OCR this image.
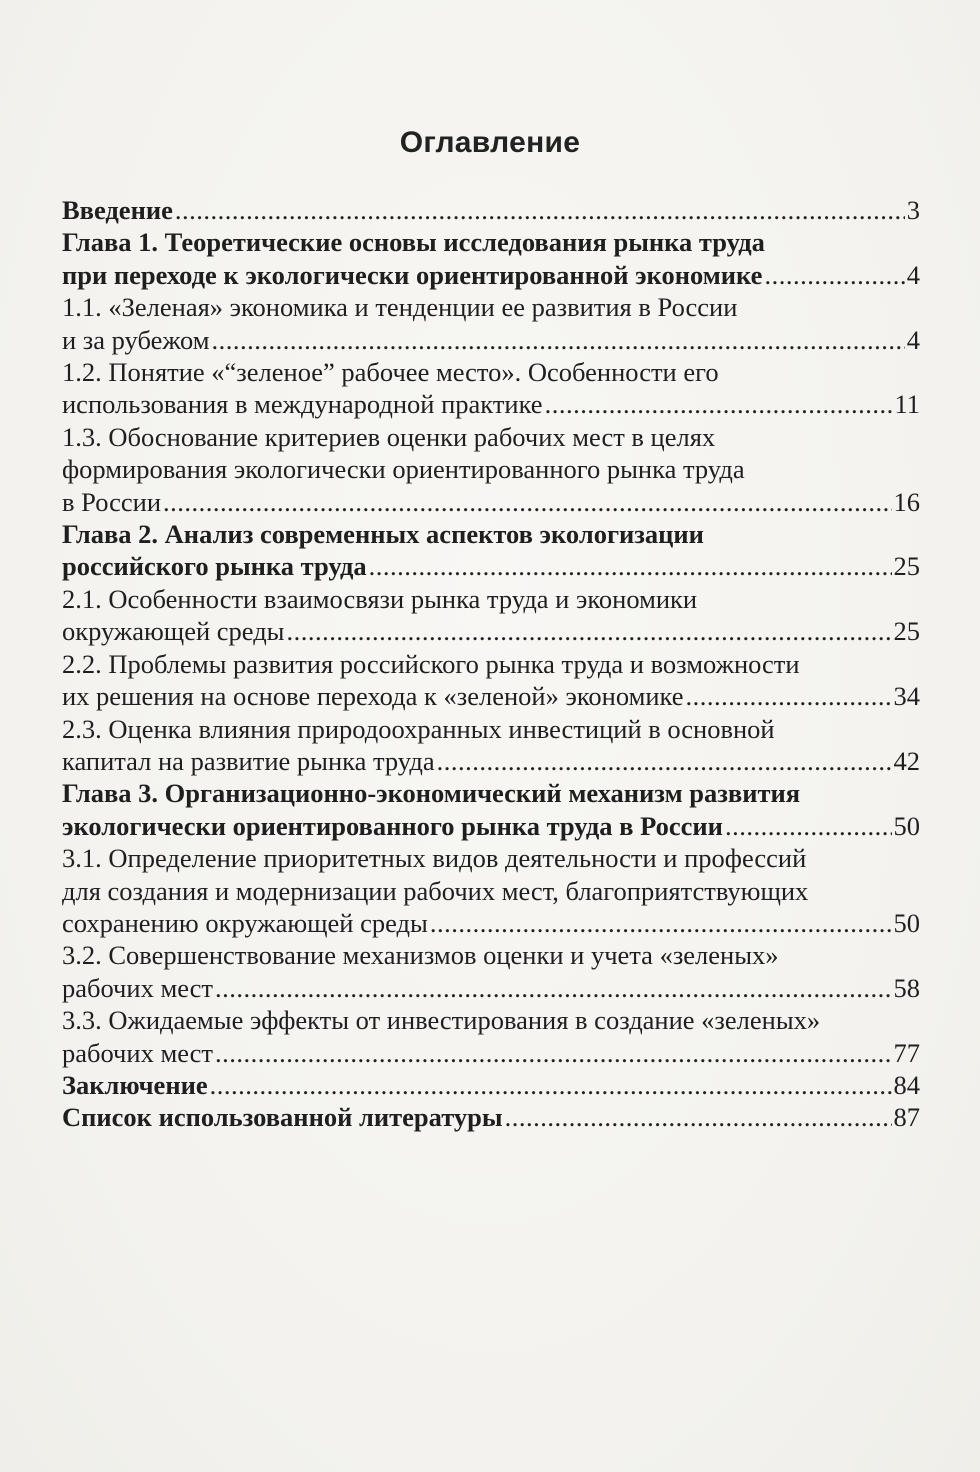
Оглавление
Введение .....	3
Глава 1. Теоретические основы исследования рынка труда
при переходе к экологически ориентированной экономике .....	4
1.1. «Зеленая» экономика и тенденции ее развития в России
и за рубежом .....	4
1.2. Понятие «“зеленое” рабочее место». Особенности его
использования в международной практике .....	11
1.3. Обоснование критериев оценки рабочих мест в целях
формирования экологически ориентированного рынка труда
в России .....	16
Глава 2. Анализ современных аспектов экологизации
российского рынка труда .....	25
2.1. Особенности взаимосвязи рынка труда и экономики
окружающей среды .....	25
2.2. Проблемы развития российского рынка труда и возможности
их решения на основе перехода к «зеленой» экономике .....	34
2.3. Оценка влияния природоохранных инвестиций в основной
капитал на развитие рынка труда .....	42
Глава 3. Организационно-экономический механизм развития
экологически ориентированного рынка труда в России .....	50
3.1. Определение приоритетных видов деятельности и профессий
для создания и модернизации рабочих мест, благоприятствующих
сохранению окружающей среды .....	50
3.2. Совершенствование механизмов оценки и учета «зеленых»
рабочих мест .....	58
3.3. Ожидаемые эффекты от инвестирования в создание «зеленых»
рабочих мест .....	77
Заключение .....	84
Список использованной литературы .....	87
